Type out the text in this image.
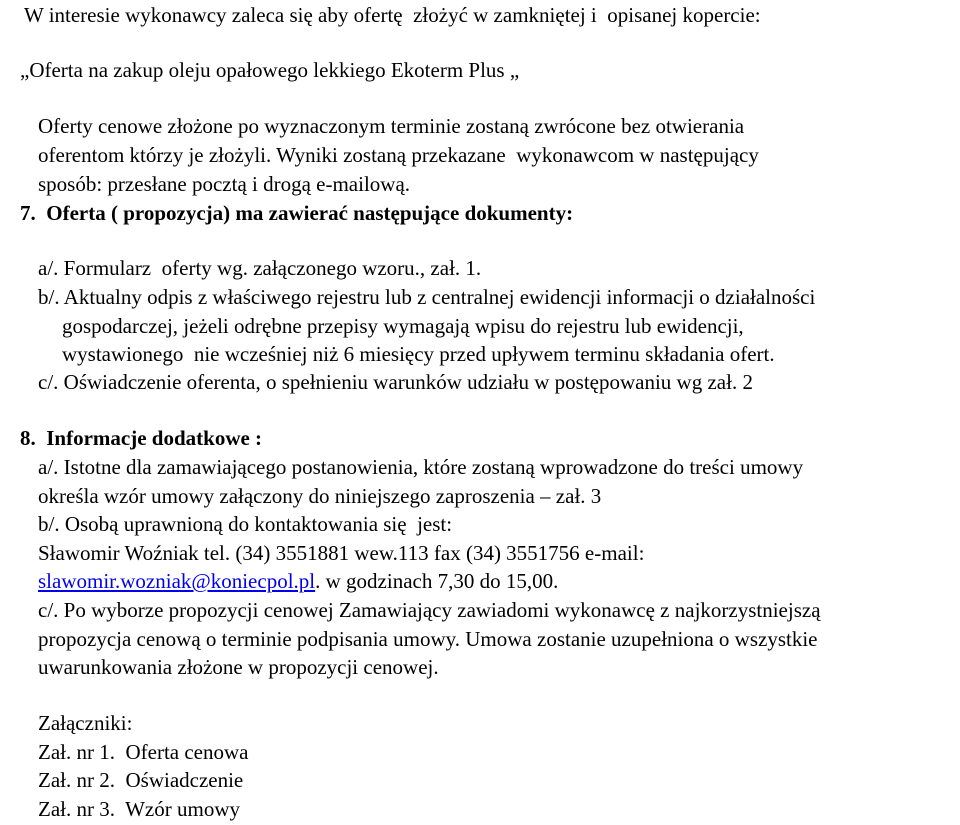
W interesie wykonawcy zaleca się aby ofertę  złożyć w zamkniętej i  opisanej kopercie:
„Oferta na zakup oleju opałowego lekkiego Ekoterm Plus „
Oferty cenowe złożone po wyznaczonym terminie zostaną zwrócone bez otwierania
oferentom którzy je złożyli. Wyniki zostaną przekazane  wykonawcom w następujący
sposób: przesłane pocztą i drogą e-mailową.
7.  Oferta ( propozycja) ma zawierać następujące dokumenty:
a/. Formularz  oferty wg. załączonego wzoru., zał. 1.
b/. Aktualny odpis z właściwego rejestru lub z centralnej ewidencji informacji o działalności
gospodarczej, jeżeli odrębne przepisy wymagają wpisu do rejestru lub ewidencji,
wystawionego  nie wcześniej niż 6 miesięcy przed upływem terminu składania ofert.
c/. Oświadczenie oferenta, o spełnieniu warunków udziału w postępowaniu wg zał. 2
8.  Informacje dodatkowe :
a/. Istotne dla zamawiającego postanowienia, które zostaną wprowadzone do treści umowy
określa wzór umowy załączony do niniejszego zaproszenia – zał. 3
b/. Osobą uprawnioną do kontaktowania się  jest:
Sławomir Woźniak tel. (34) 3551881 wew.113 fax (34) 3551756 e-mail:
slawomir.wozniak@koniecpol.pl. w godzinach 7,30 do 15,00.
c/. Po wyborze propozycji cenowej Zamawiający zawiadomi wykonawcę z najkorzystniejszą
propozycja cenową o terminie podpisania umowy. Umowa zostanie uzupełniona o wszystkie
uwarunkowania złożone w propozycji cenowej.
Załączniki:
Zał. nr 1.  Oferta cenowa
Zał. nr 2.  Oświadczenie
Zał. nr 3.  Wzór umowy
